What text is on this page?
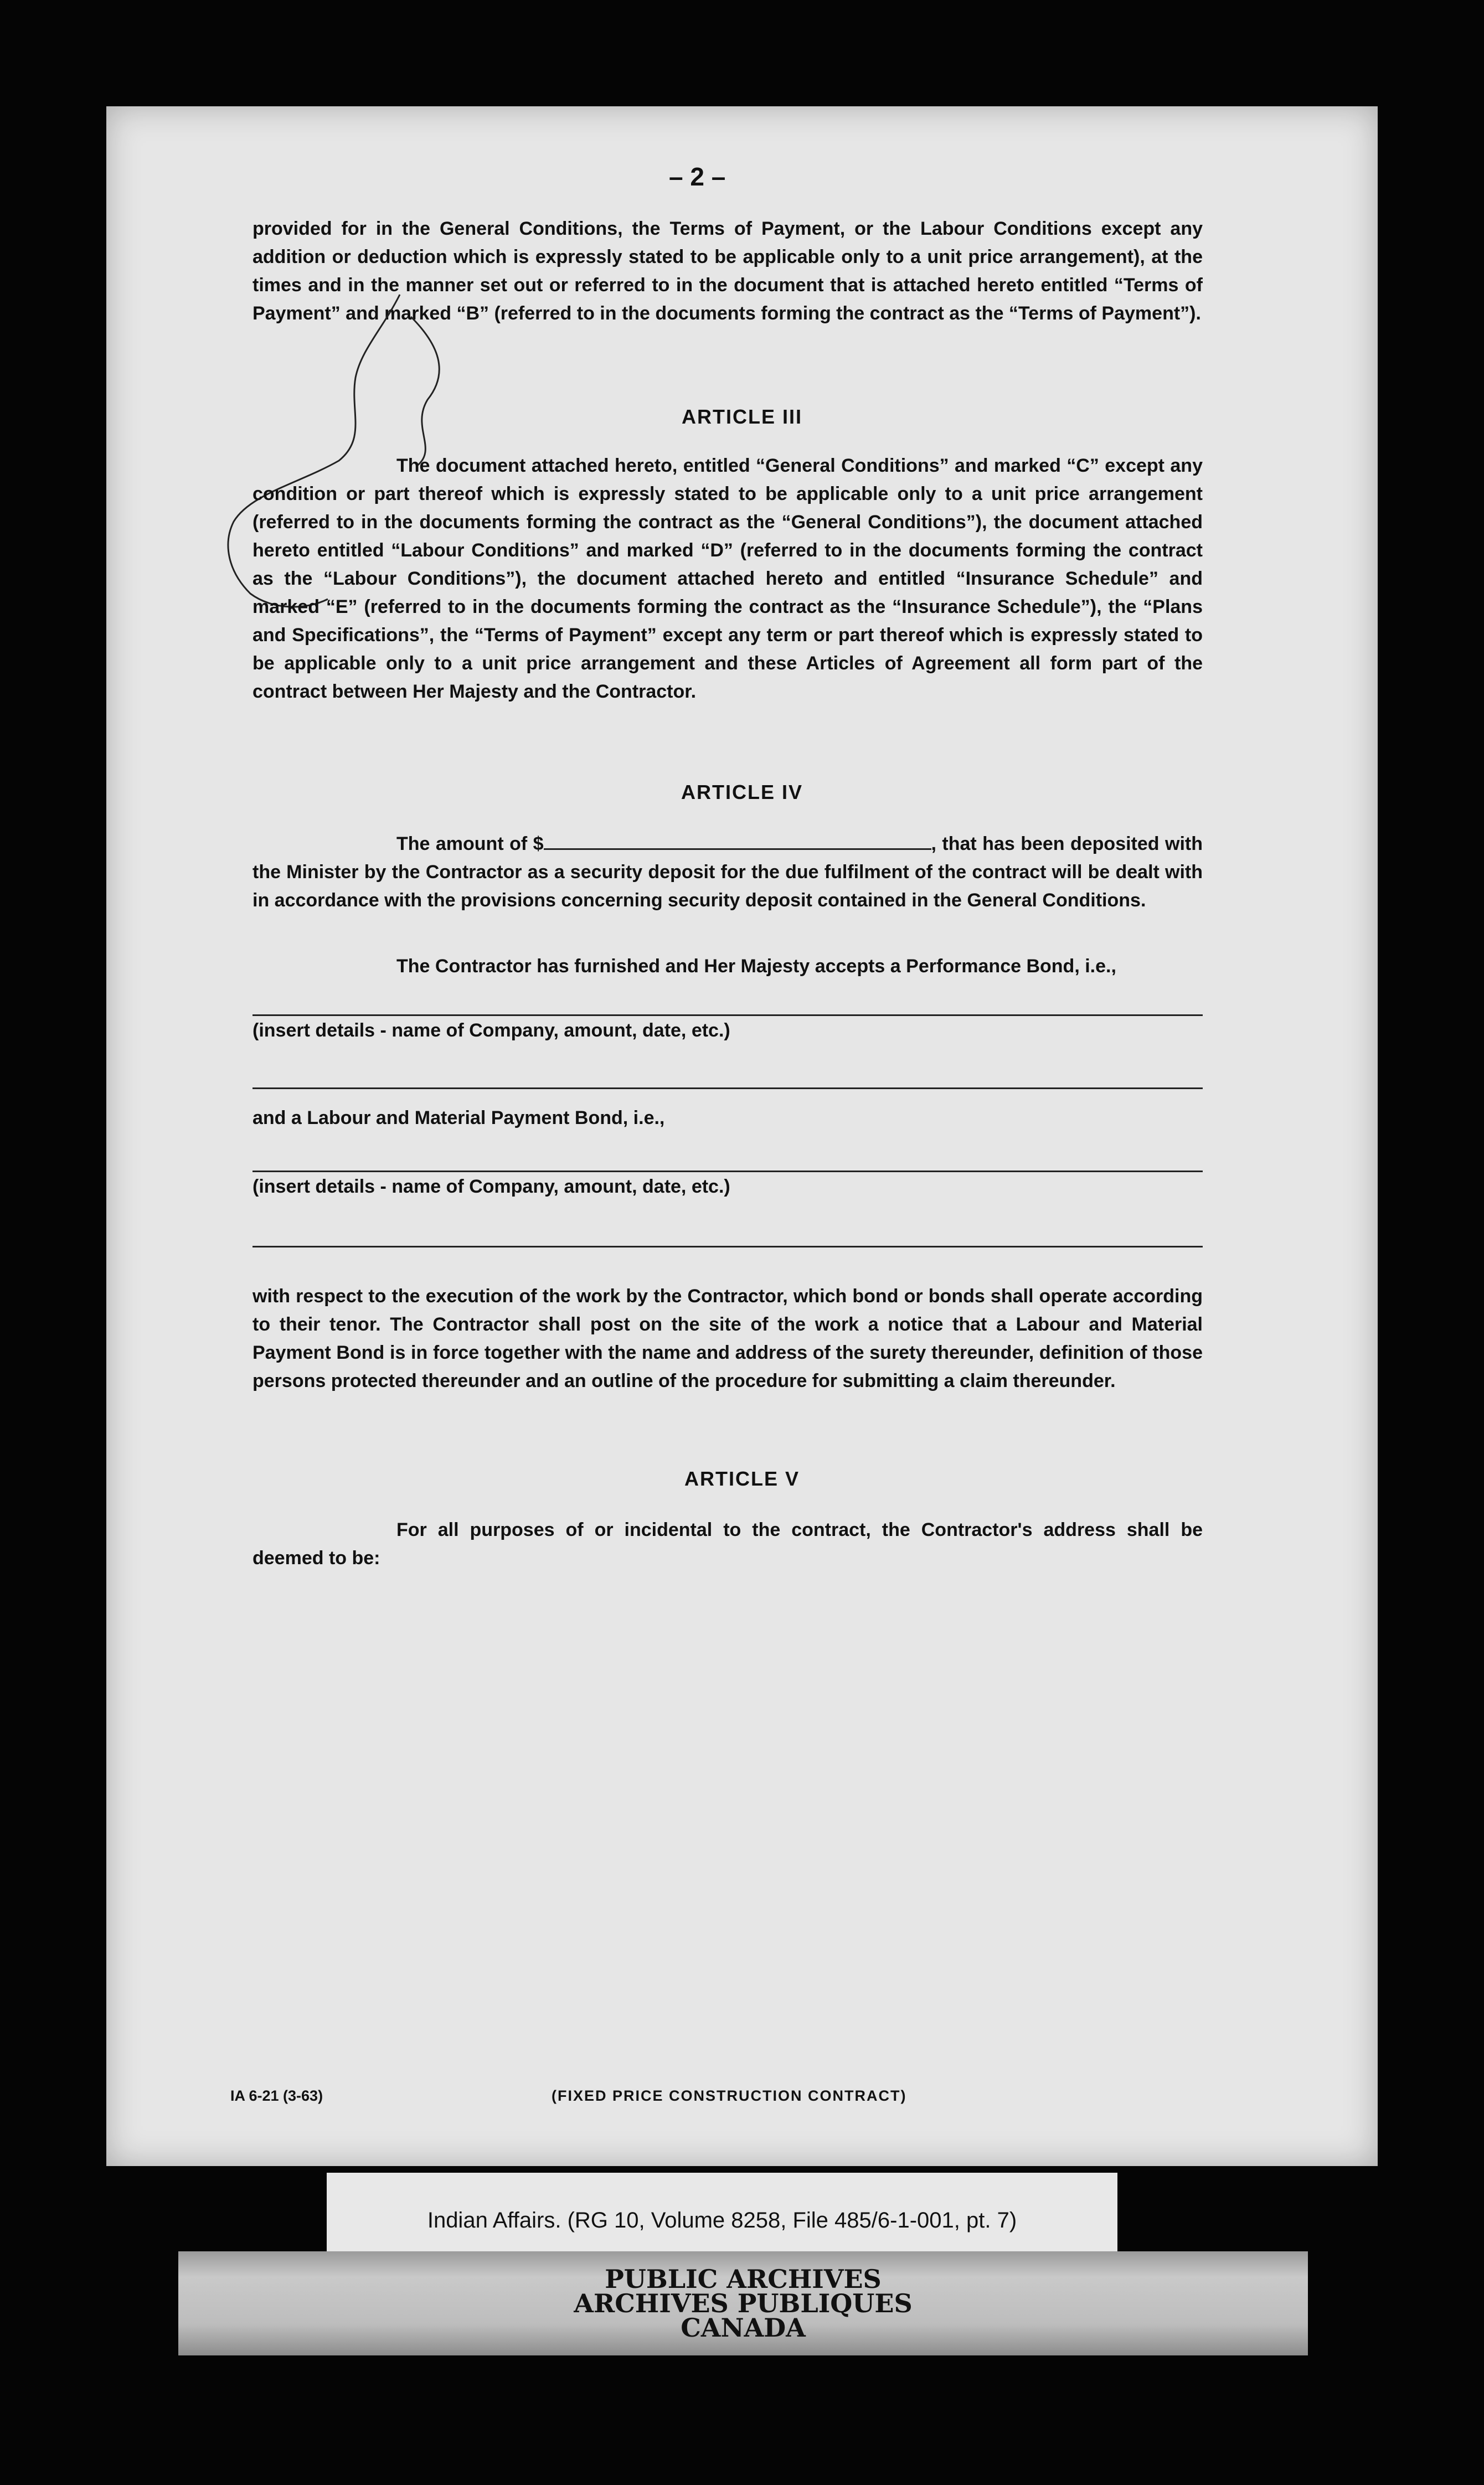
– 2 –

provided for in the General Conditions, the Terms of Payment, or the Labour Conditions except any addition or deduction which is expressly stated to be applicable only to a unit price arrangement), at the times and in the manner set out or referred to in the document that is attached hereto entitled “Terms of Payment” and marked “B” (referred to in the documents forming the contract as the “Terms of Payment”).

ARTICLE III

The document attached hereto, entitled “General Conditions” and marked “C” except any condition or part thereof which is expressly stated to be applicable only to a unit price arrangement (referred to in the documents forming the contract as the “General Conditions”), the document attached hereto entitled “Labour Conditions” and marked “D” (referred to in the documents forming the contract as the “Labour Conditions”), the document attached hereto and entitled “Insurance Schedule” and marked “E” (referred to in the documents forming the contract as the “Insurance Schedule”), the “Plans and Specifications”, the “Terms of Payment” except any term or part thereof which is expressly stated to be applicable only to a unit price arrangement and these Articles of Agreement all form part of the contract between Her Majesty and the Contractor.

ARTICLE IV

The amount of $	, that has been deposited with the Minister by the Contractor as a security deposit for the due fulfilment of the contract will be dealt with in accordance with the provisions concerning security deposit contained in the General Conditions.

The Contractor has furnished and Her Majesty accepts a Performance Bond, i.e.,

(insert details - name of Company, amount, date, etc.)
and a Labour and Material Payment Bond, i.e.,
(insert details - name of Company, amount, date, etc.)

with respect to the execution of the work by the Contractor, which bond or bonds shall operate according to their tenor. The Contractor shall post on the site of the work a notice that a Labour and Material Payment Bond is in force together with the name and address of the surety thereunder, definition of those persons protected thereunder and an outline of the procedure for submitting a claim thereunder.

ARTICLE V

For all purposes of or incidental to the contract, the Contractor's address shall be deemed to be:

IA 6-21 (3-63)	(FIXED PRICE CONSTRUCTION CONTRACT)
Indian Affairs. (RG 10, Volume 8258, File 485/6-1-001, pt. 7)
PUBLIC ARCHIVES
ARCHIVES PUBLIQUES
CANADA
